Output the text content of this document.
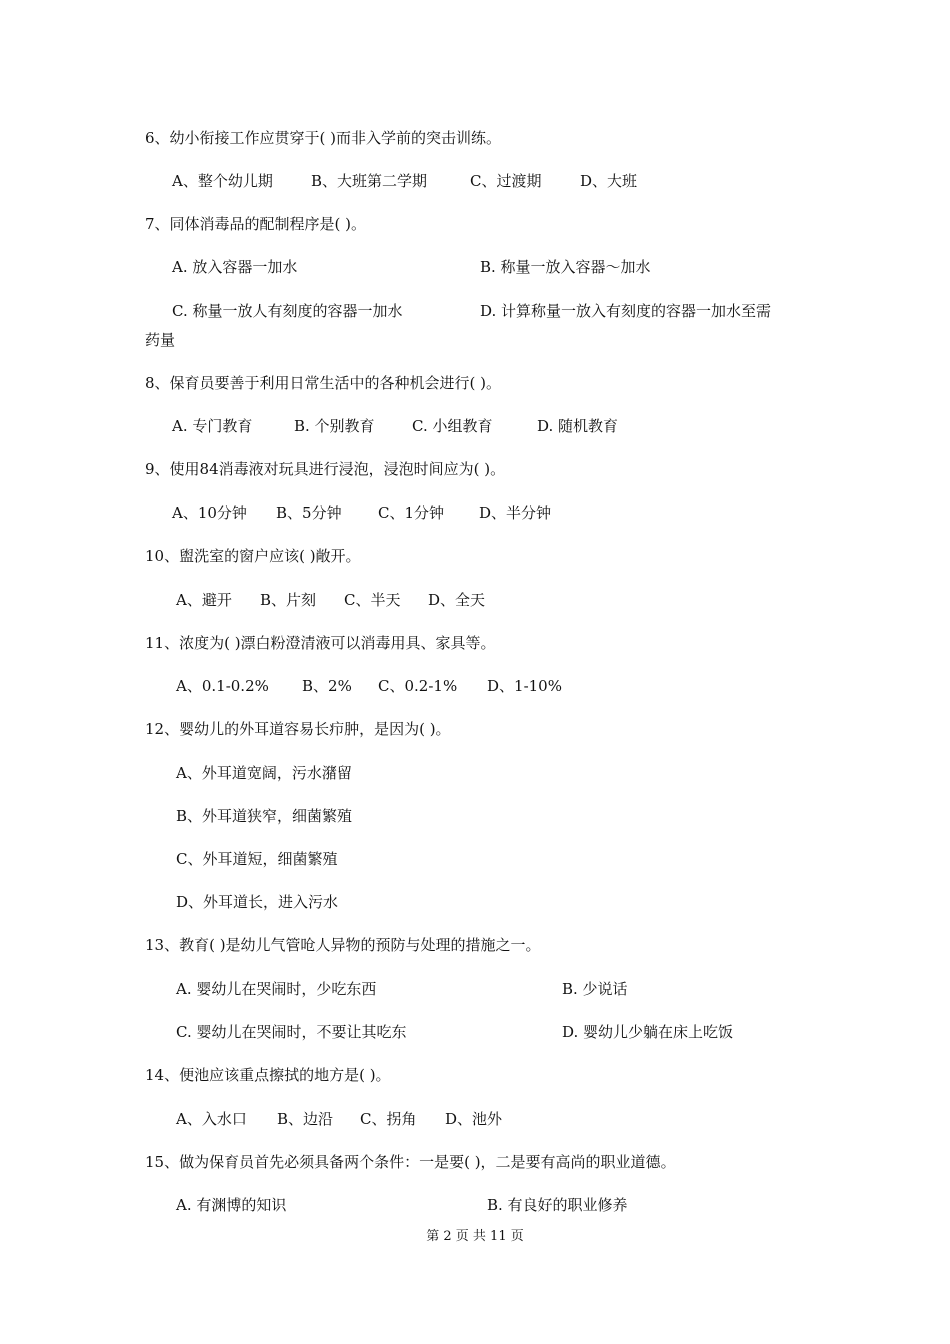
6、幼小衔接工作应贯穿于( )而非入学前的突击训练。
A、整个幼儿期	B、大班第二学期	C、过渡期	D、大班
7、同体消毒品的配制程序是( )。
A. 放入容器一加水	B. 称量一放入容器～加水
C. 称量一放人有刻度的容器一加水	D. 计算称量一放入有刻度的容器一加水至需
药量
8、保育员要善于利用日常生活中的各种机会进行( )。
A. 专门教育	B. 个别教育 C. 小组教育	D. 随机教育
9、使用84消毒液对玩具进行浸泡，浸泡时间应为( )。
A、10分钟 B、5分钟 C、1分钟 D、半分钟
10、盥洗室的窗户应该( )敞开。
A、避开 B、片刻 C、半天 D、全天
11、浓度为( )漂白粉澄清液可以消毒用具、家具等。
A、0.1-0.2% B、2% C、0.2-1% D、1-10%
12、婴幼儿的外耳道容易长疖肿，是因为( )。
A、外耳道宽阔，污水潴留
B、外耳道狭窄，细菌繁殖
C、外耳道短，细菌繁殖
D、外耳道长，进入污水
13、教育( )是幼儿气管呛人异物的预防与处理的措施之一。
A. 婴幼儿在哭闹时，少吃东西	B. 少说话
C. 婴幼儿在哭闹时，不要让其吃东	D. 婴幼儿少躺在床上吃饭
14、便池应该重点擦拭的地方是( )。
A、入水口 B、边沿 C、拐角 D、池外
15、做为保育员首先必须具备两个条件：一是要( )，二是要有高尚的职业道德。
A. 有渊博的知识	B. 有良好的职业修养
第 2 页 共 11 页
